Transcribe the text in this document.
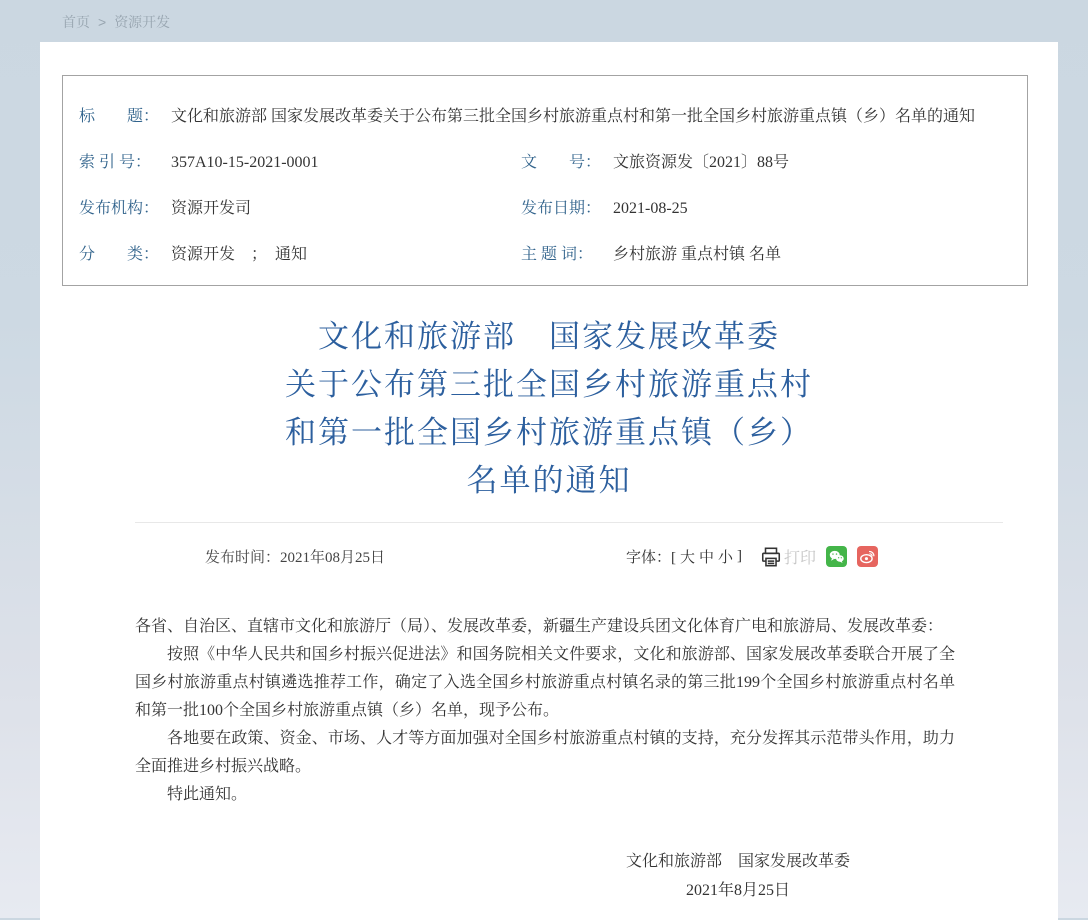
首页 > 资源开发
标　　题： 文化和旅游部 国家发展改革委关于公布第三批全国乡村旅游重点村和第一批全国乡村旅游重点镇（乡）名单的通知
索 引 号：	357A10-15-2021-0001	文　　号： 文旅资源发〔2021〕88号
发布机构： 资源开发司	发布日期： 2021-08-25
分　　类： 资源开发　；　通知	主 题 词：	乡村旅游 重点村镇 名单
文化和旅游部　国家发展改革委
关于公布第三批全国乡村旅游重点村
和第一批全国乡村旅游重点镇（乡）
名单的通知
发布时间：2021年08月25日	字体：[ 大 中 小 ]	打印

各省、自治区、直辖市文化和旅游厅（局）、发展改革委，新疆生产建设兵团文化体育广电和旅游局、发展改革委：

按照《中华人民共和国乡村振兴促进法》和国务院相关文件要求，文化和旅游部、国家发展改革委联合开展了全国乡村旅游重点村镇遴选推荐工作，确定了入选全国乡村旅游重点村镇名录的第三批199个全国乡村旅游重点村名单和第一批100个全国乡村旅游重点镇（乡）名单，现予公布。

各地要在政策、资金、市场、人才等方面加强对全国乡村旅游重点村镇的支持，充分发挥其示范带头作用，助力全面推进乡村振兴战略。

特此通知。

文化和旅游部　国家发展改革委
2021年8月25日
